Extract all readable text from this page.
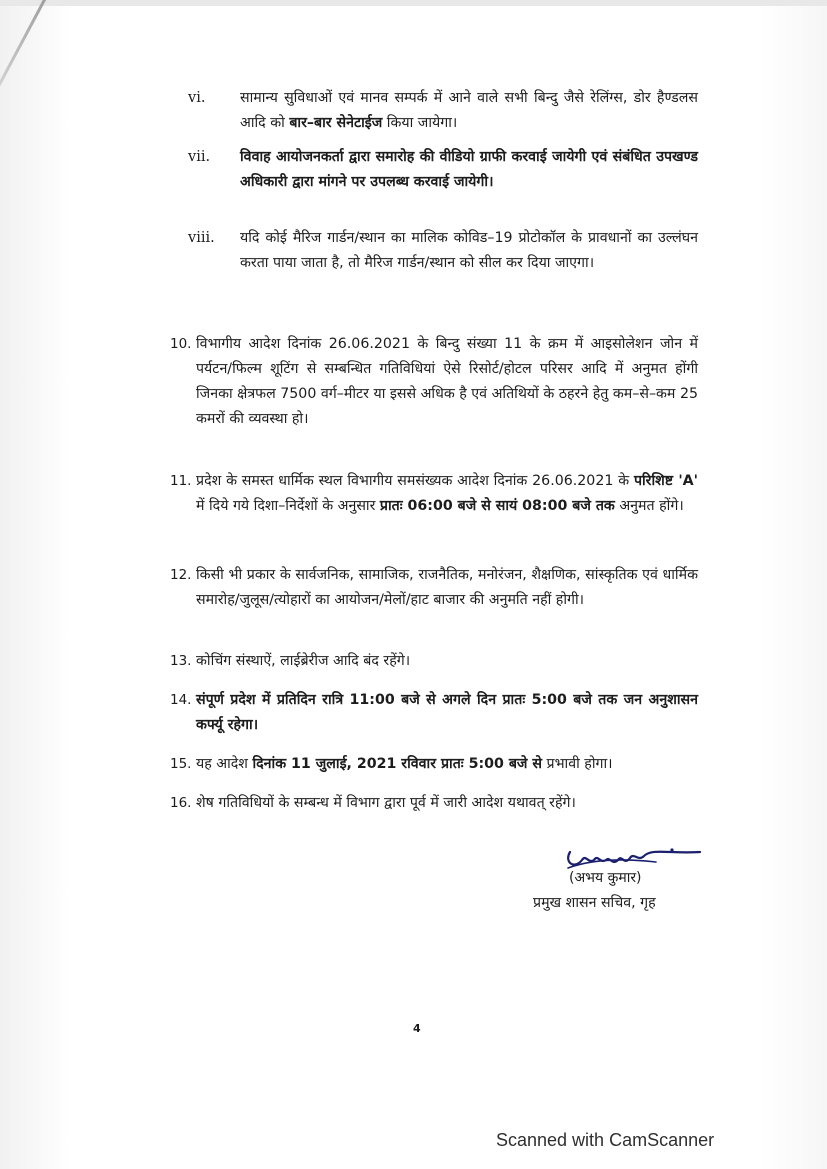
vi.	सामान्य सुविधाओं एवं मानव सम्पर्क में आने वाले सभी बिन्दु जैसे रेलिंग्स, डोर हैण्डलस आदि को बार–बार सेनेटाईज किया जायेगा।
vii.	विवाह आयोजनकर्ता द्वारा समारोह की वीडियो ग्राफी करवाई जायेगी एवं संबंधित उपखण्ड अधिकारी द्वारा मांगने पर उपलब्ध करवाई जायेगी।
viii.	यदि कोई मैरिज गार्डन/स्थान का मालिक कोविड–19 प्रोटोकॉल के प्रावधानों का उल्लंघन करता पाया जाता है, तो मैरिज गार्डन/स्थान को सील कर दिया जाएगा।
10. विभागीय आदेश दिनांक 26.06.2021 के बिन्दु संख्या 11 के क्रम में आइसोलेशन जोन में पर्यटन/फिल्म शूटिंग से सम्बन्धित गतिविधियां ऐसे रिसोर्ट/होटल परिसर आदि में अनुमत होंगी जिनका क्षेत्रफल 7500 वर्ग–मीटर या इससे अधिक है एवं अतिथियों के ठहरने हेतु कम–से–कम 25 कमरों की व्यवस्था हो।
11. प्रदेश के समस्त धार्मिक स्थल विभागीय समसंख्यक आदेश दिनांक 26.06.2021 के परिशिष्ट 'A' में दिये गये दिशा–निर्देशों के अनुसार प्रातः 06:00 बजे से सायं 08:00 बजे तक अनुमत होंगे।
12. किसी भी प्रकार के सार्वजनिक, सामाजिक, राजनैतिक, मनोरंजन, शैक्षणिक, सांस्कृतिक एवं धार्मिक समारोह/जुलूस/त्योहारों का आयोजन/मेलों/हाट बाजार की अनुमति नहीं होगी।
13. कोचिंग संस्थाऐं, लाईब्रेरीज आदि बंद रहेंगे।
14. संपूर्ण प्रदेश में प्रतिदिन रात्रि 11:00 बजे से अगले दिन प्रातः 5:00 बजे तक जन अनुशासन कर्फ्यू रहेगा।
15. यह आदेश दिनांक 11 जुलाई, 2021 रविवार प्रातः 5:00 बजे से प्रभावी होगा।
16. शेष गतिविधियों के सम्बन्ध में विभाग द्वारा पूर्व में जारी आदेश यथावत् रहेंगे।
(अभय कुमार)
प्रमुख शासन सचिव, गृह
4
Scanned with CamScanner
